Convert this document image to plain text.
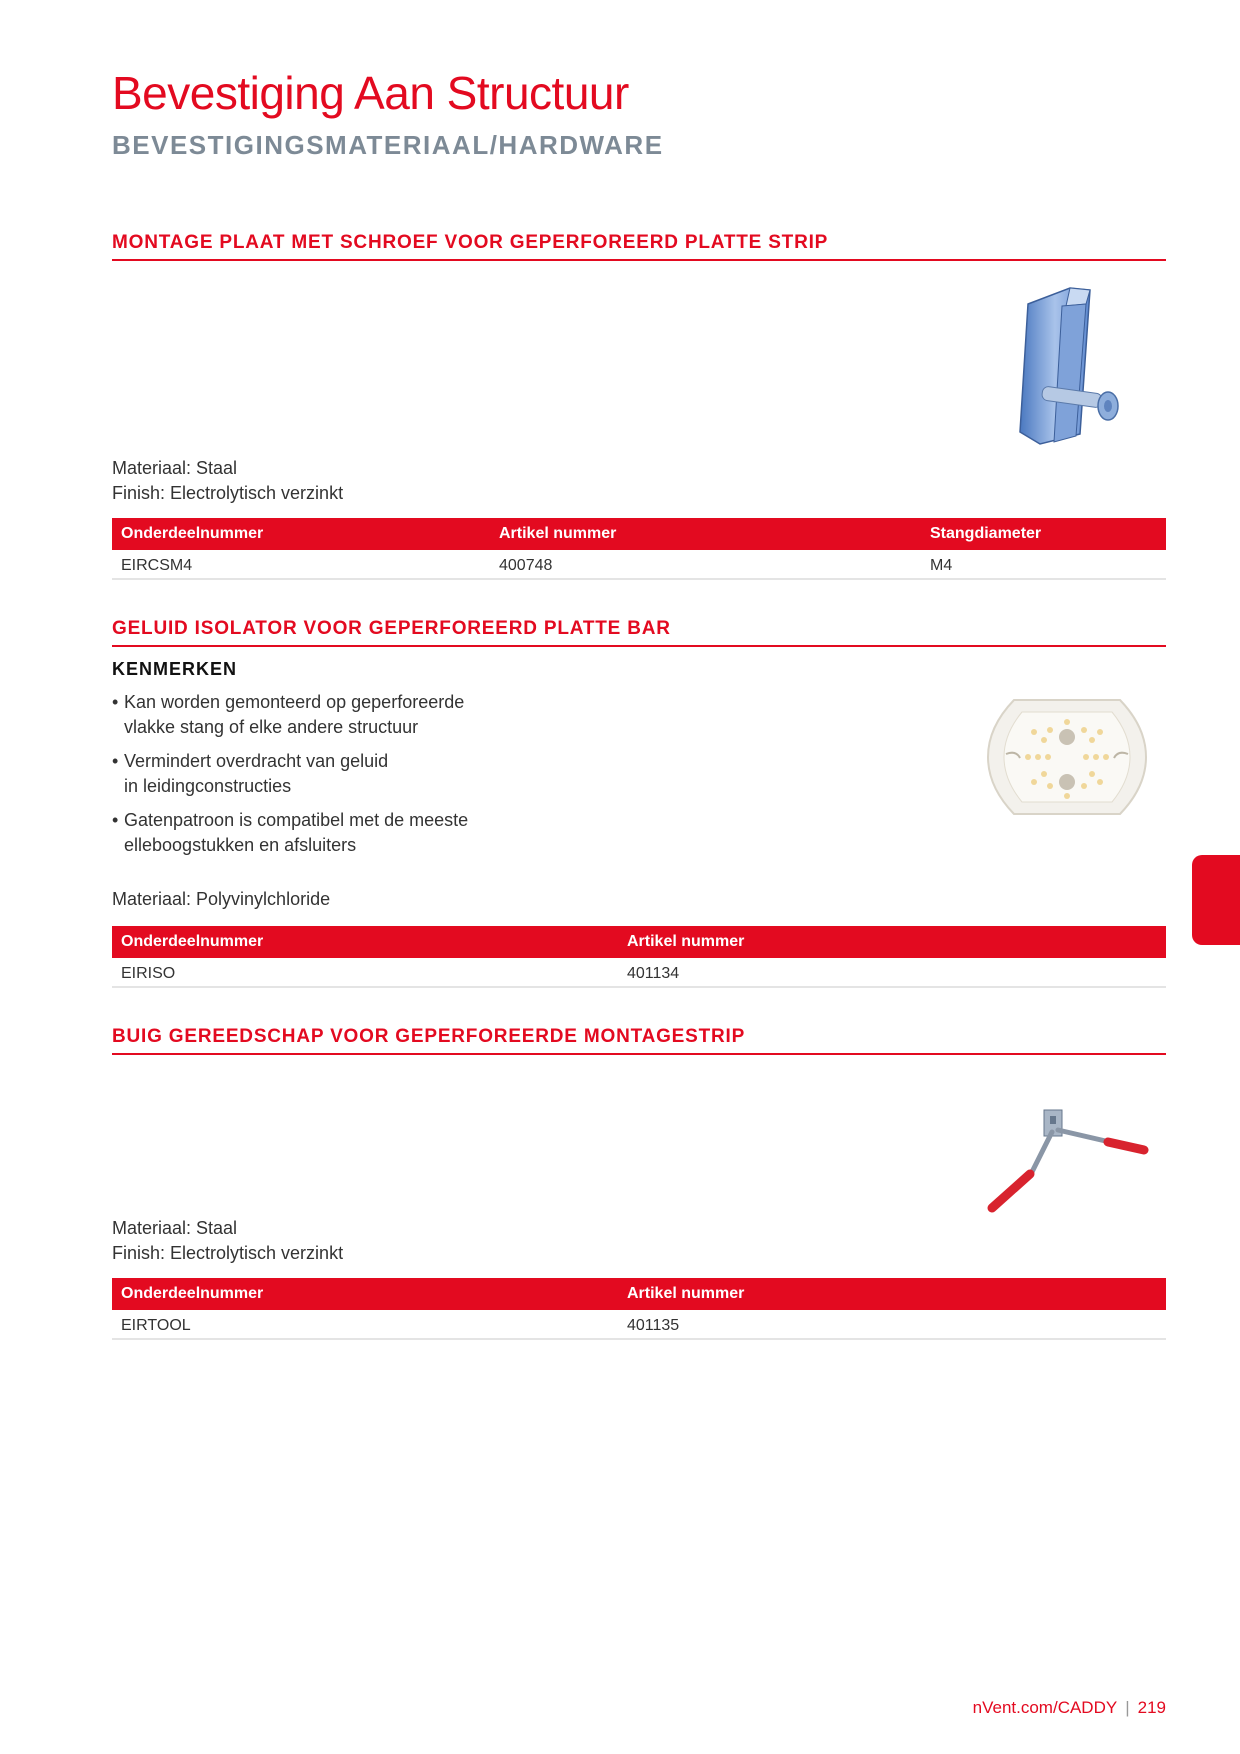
Bevestiging Aan Structuur
BEVESTIGINGSMATERIAAL/HARDWARE
MONTAGE PLAAT MET SCHROEF VOOR GEPERFOREERD PLATTE STRIP
Materiaal: Staal
Finish: Electrolytisch verzinkt
Onderdeelnummer	Artikel nummer	Stangdiameter
EIRCSM4	400748	M4
GELUID ISOLATOR VOOR GEPERFOREERD PLATTE BAR
KENMERKEN
• Kan worden gemonteerd op geperforeerde
vlakke stang of elke andere structuur
• Vermindert overdracht van geluid
in leidingconstructies
• Gatenpatroon is compatibel met de meeste
elleboogstukken en afsluiters
Materiaal: Polyvinylchloride
Onderdeelnummer	Artikel nummer
EIRISO	401134
BUIG GEREEDSCHAP VOOR GEPERFOREERDE MONTAGESTRIP
Materiaal: Staal
Finish: Electrolytisch verzinkt
Onderdeelnummer	Artikel nummer
EIRTOOL	401135
nVent.com/CADDY | 219
